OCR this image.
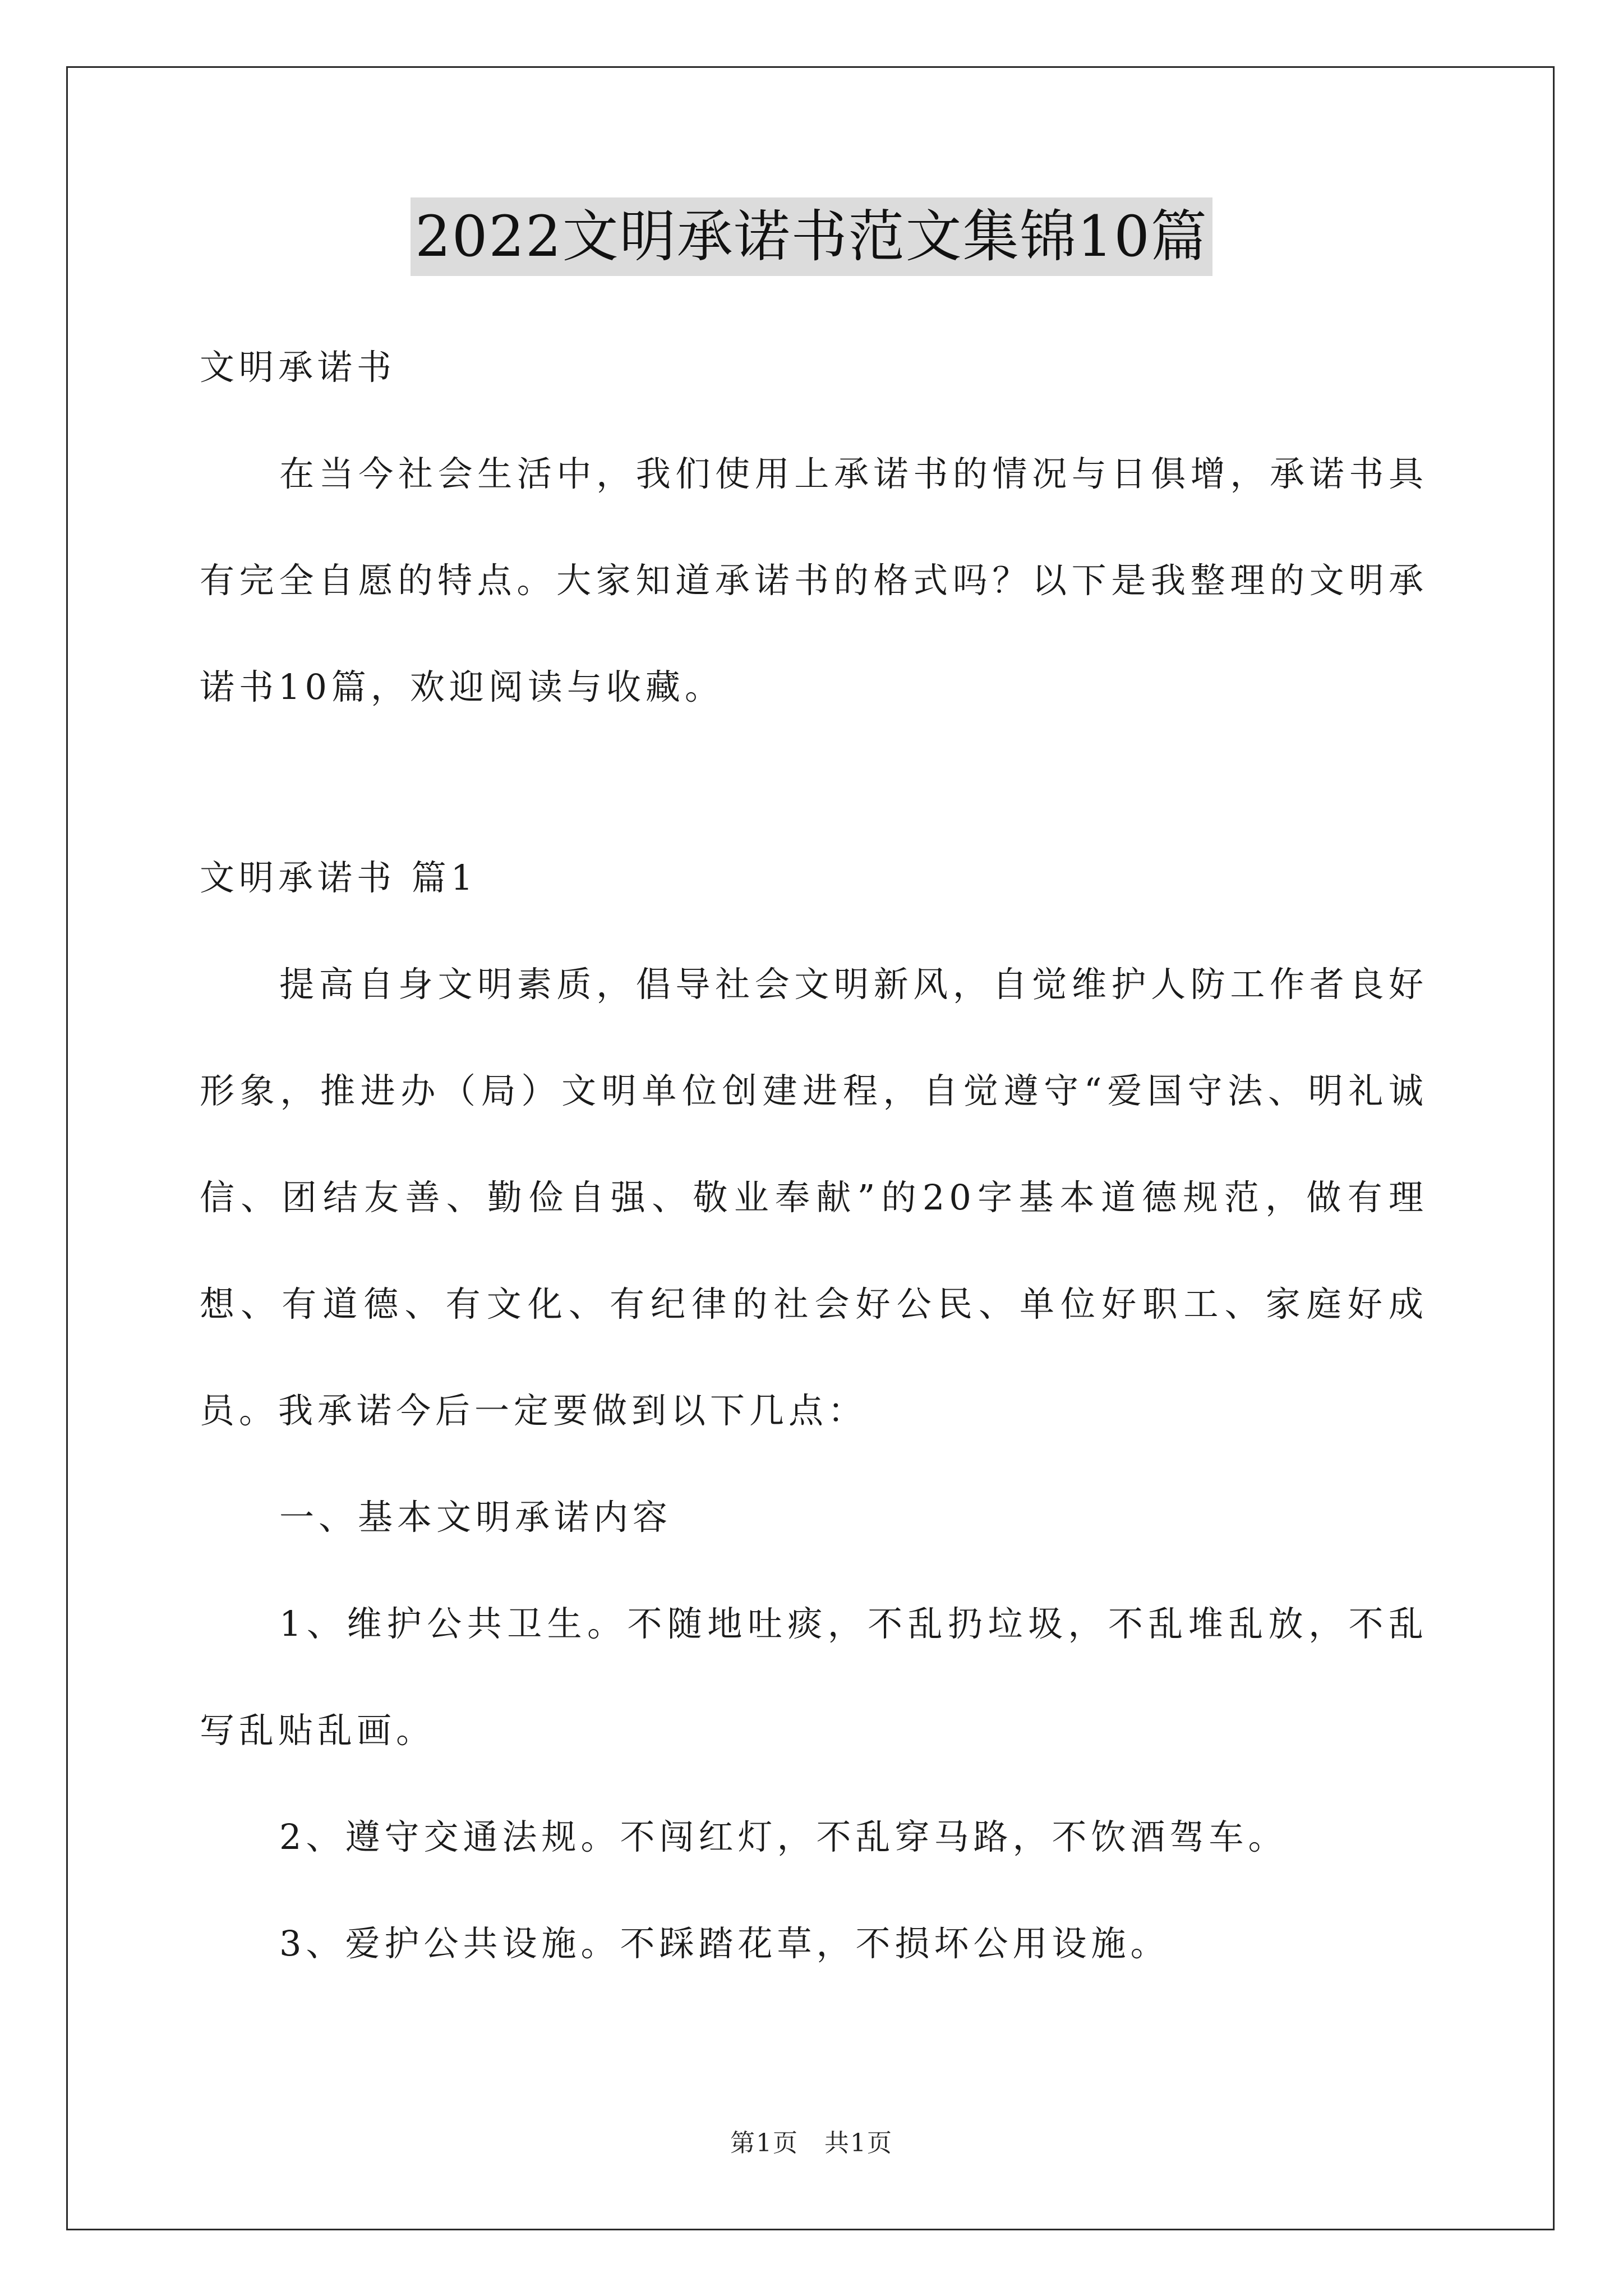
2022文明承诺书范文集锦10篇

文明承诺书

在当今社会生活中，我们使用上承诺书的情况与日俱增，承诺书具有完全自愿的特点。大家知道承诺书的格式吗？以下是我整理的文明承诺书10篇，欢迎阅读与收藏。

文明承诺书 篇1

提高自身文明素质，倡导社会文明新风，自觉维护人防工作者良好形象，推进办（局）文明单位创建进程，自觉遵守“爱国守法、明礼诚信、团结友善、勤俭自强、敬业奉献”的20字基本道德规范，做有理想、有道德、有文化、有纪律的社会好公民、单位好职工、家庭好成员。我承诺今后一定要做到以下几点：

一、基本文明承诺内容

1、维护公共卫生。不随地吐痰，不乱扔垃圾，不乱堆乱放，不乱写乱贴乱画。

2、遵守交通法规。不闯红灯，不乱穿马路，不饮酒驾车。

3、爱护公共设施。不踩踏花草，不损坏公用设施。

第1页　共1页
